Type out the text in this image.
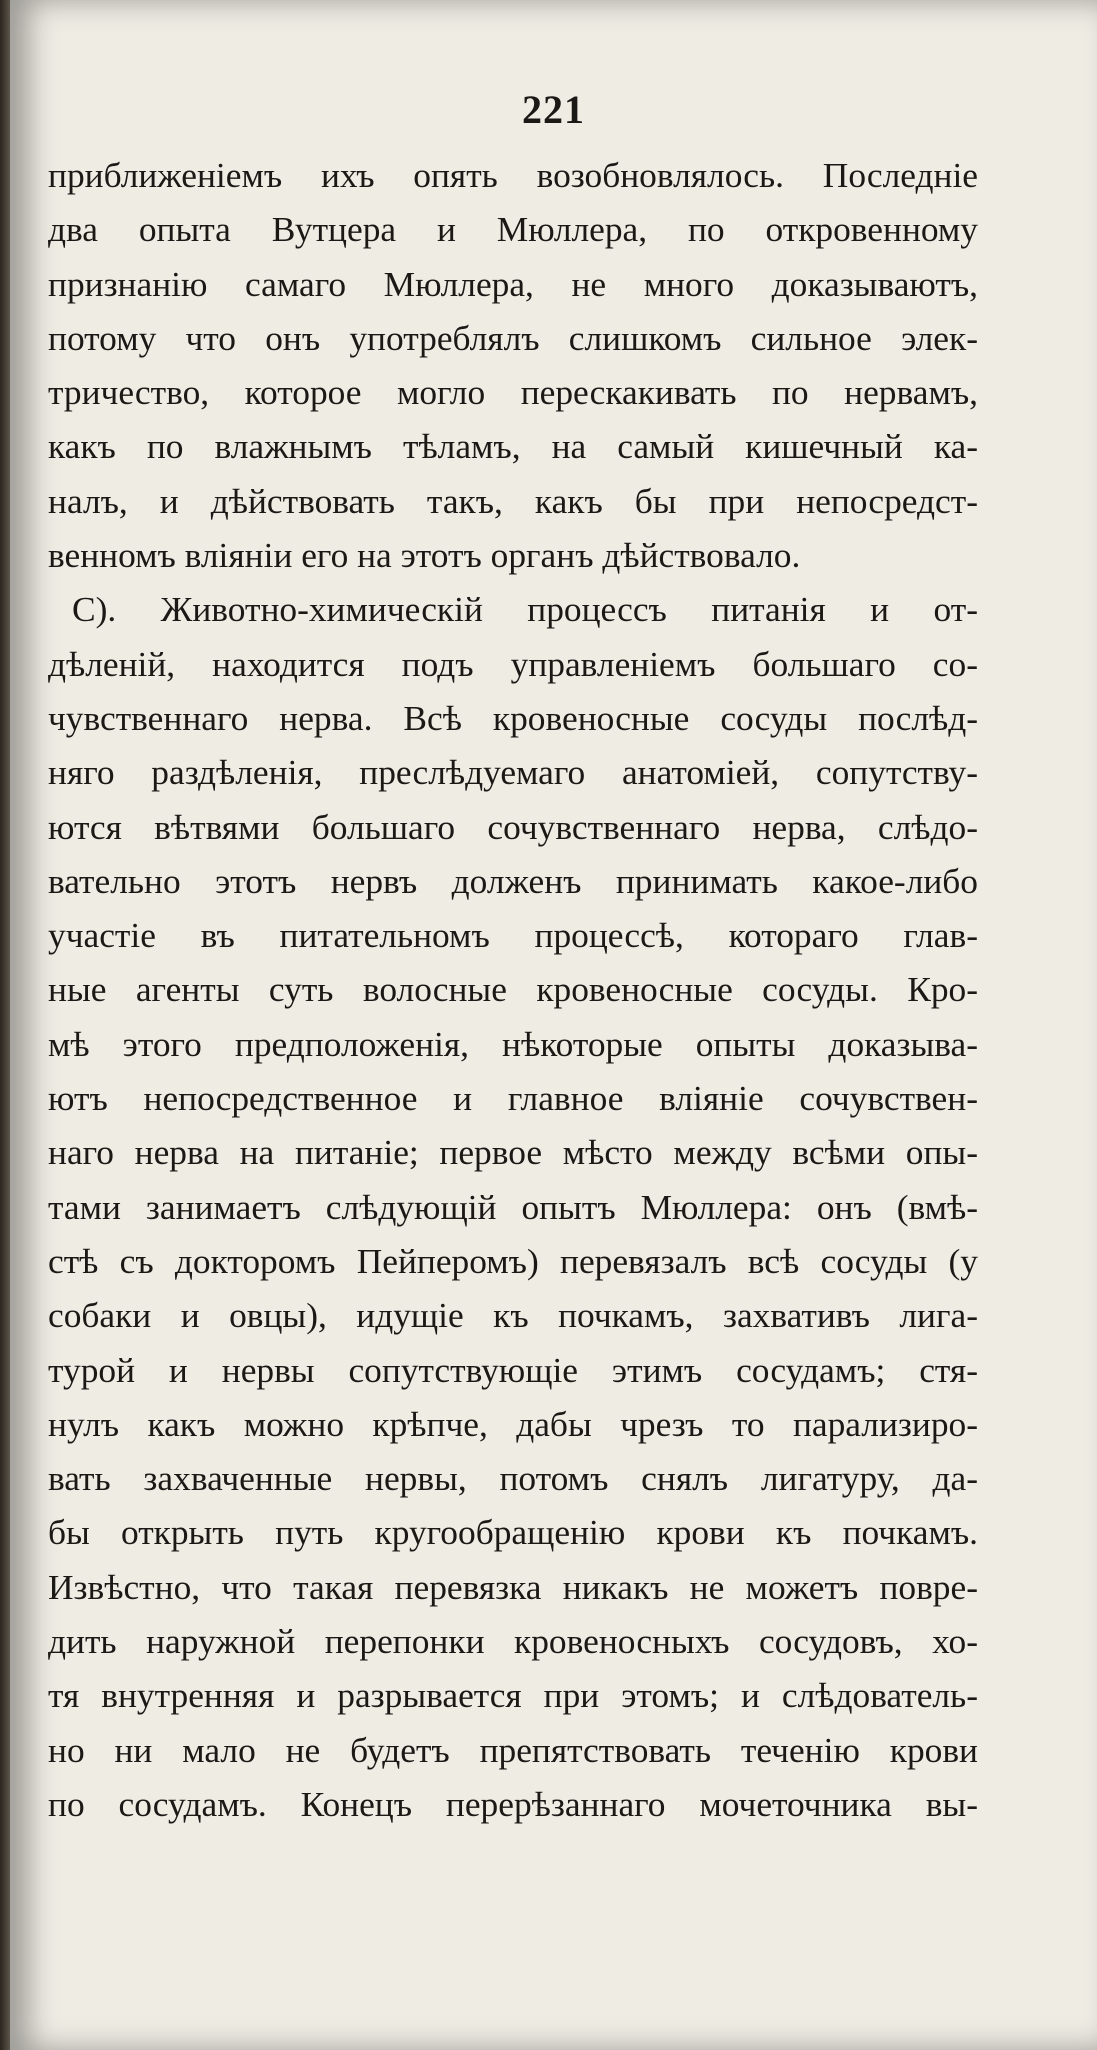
221
приближенiемъ ихъ опять возобновлялось. Последнiе
два опыта Вутцера и Мюллера, по откровенному
признанiю самаго Мюллера, не много доказываютъ,
потому что онъ употреблялъ слишкомъ сильное элек-
тричество, которое могло перескакивать по нервамъ,
какъ по влажнымъ тѣламъ, на самый кишечный ка-
налъ, и дѣйствовать такъ, какъ бы при непосредст-
венномъ влiянiи его на этотъ органъ дѣйствовало.
С). Животно-химическiй процессъ питанiя и от-
дѣленiй, находится подъ управленiемъ большаго со-
чувственнаго нерва. Всѣ кровеносные сосуды послѣд-
няго раздѣленiя, преслѣдуемаго анатомiей, сопутству-
ются вѣтвями большаго сочувственнаго нерва, слѣдо-
вательно этотъ нервъ долженъ принимать какое-либо
участiе въ питательномъ процессѣ, котораго глав-
ные агенты суть волосные кровеносные сосуды. Кро-
мѣ этого предположенiя, нѣкоторые опыты доказыва-
ютъ непосредственное и главное влiянiе сочувствен-
наго нерва на питанiе; первое мѣсто между всѣми опы-
тами занимаетъ слѣдующiй опытъ Мюллера: онъ (вмѣ-
стѣ съ докторомъ Пейперомъ) перевязалъ всѣ сосуды (у
собаки и овцы), идущiе къ почкамъ, захвативъ лига-
турой и нервы сопутствующiе этимъ сосудамъ; стя-
нулъ какъ можно крѣпче, дабы чрезъ то парализиро-
вать захваченные нервы, потомъ снялъ лигатуру, да-
бы открыть путь кругообращенiю крови къ почкамъ.
Извѣстно, что такая перевязка никакъ не можетъ повре-
дить наружной перепонки кровеносныхъ сосудовъ, хо-
тя внутренняя и разрывается при этомъ; и слѣдователь-
но ни мало не будетъ препятствовать теченiю крови
по сосудамъ. Конецъ перерѣзаннаго мочеточника вы-
